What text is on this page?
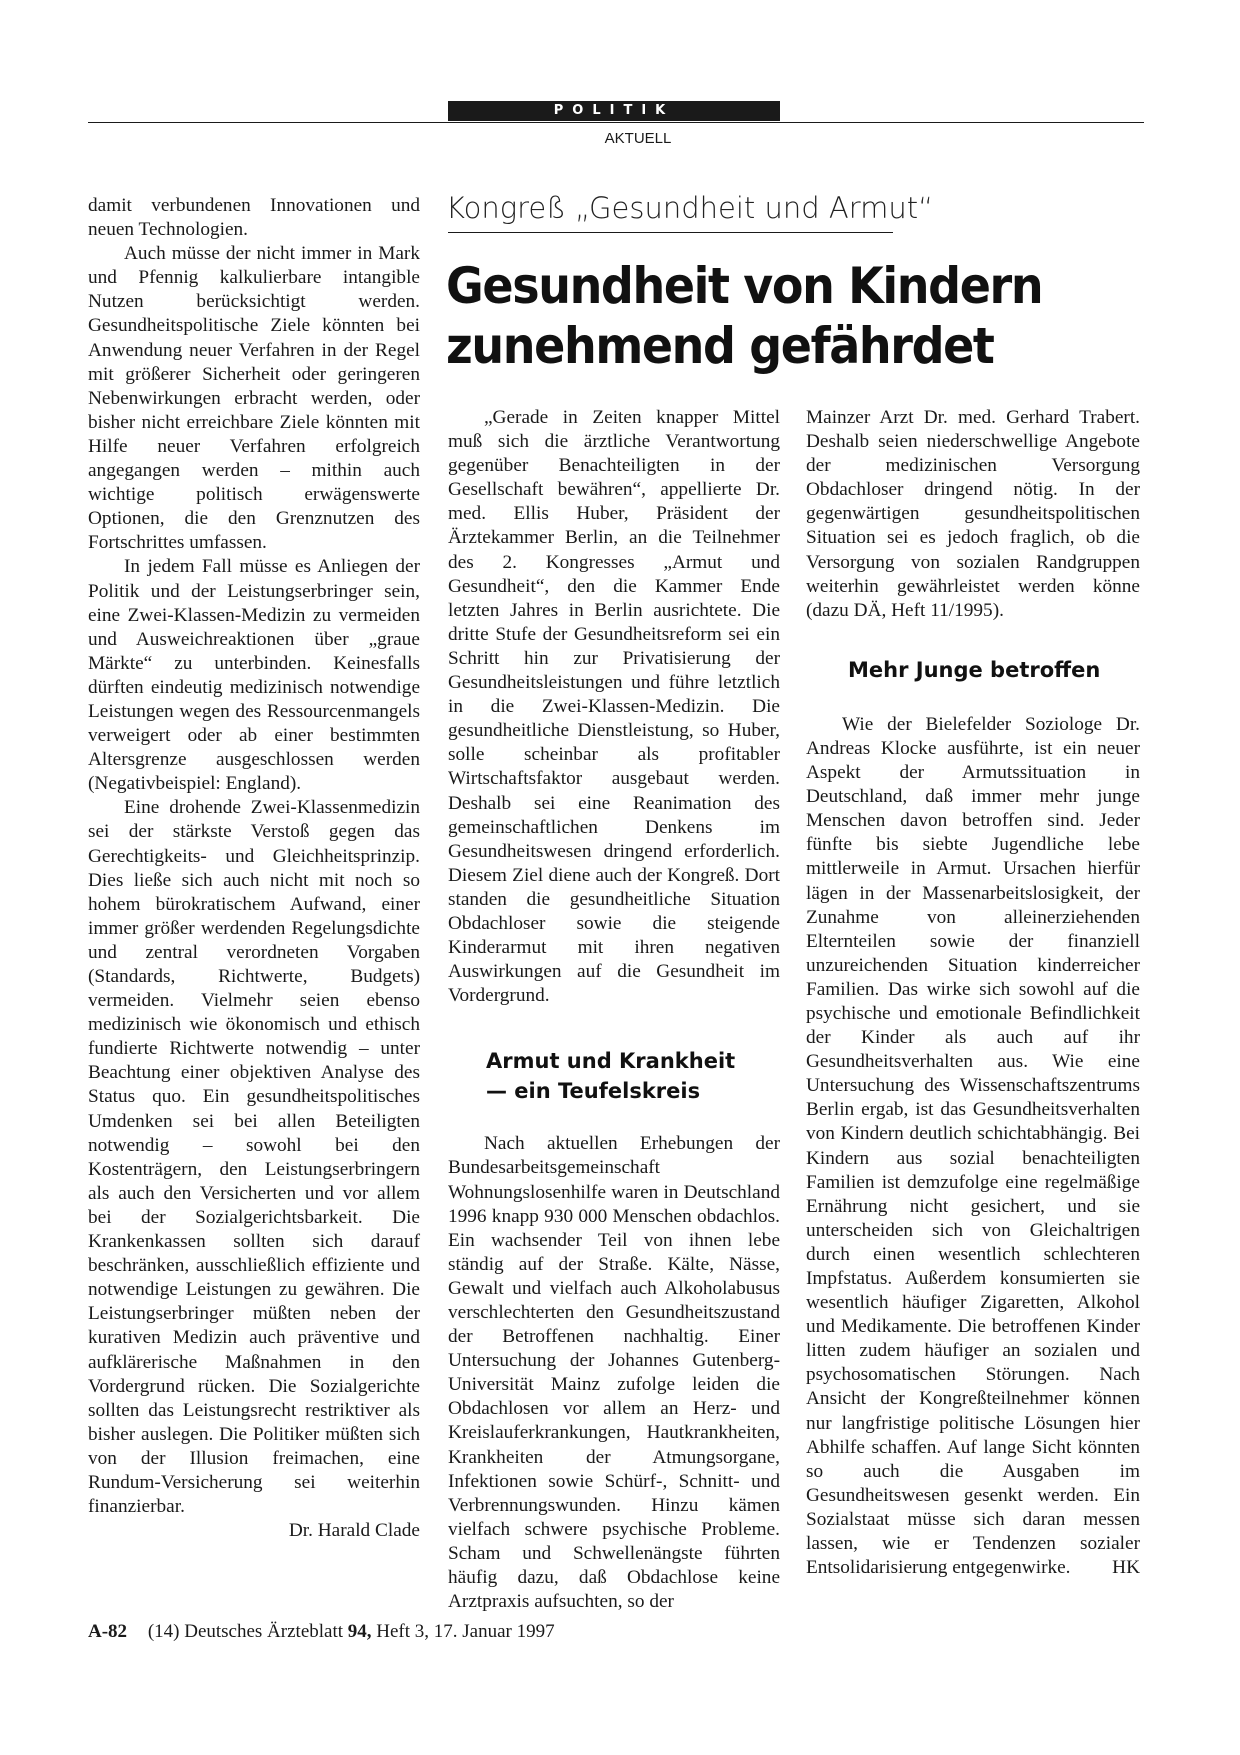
POLITIK
AKTUELL

damit verbundenen Innovationen und neuen Technologien.

Auch müsse der nicht immer in Mark und Pfennig kalkulierbare intangible Nutzen berücksichtigt werden. Gesundheitspolitische Ziele könnten bei Anwendung neuer Verfahren in der Regel mit größerer Sicherheit oder geringeren Nebenwirkungen erbracht werden, oder bisher nicht erreichbare Ziele könnten mit Hilfe neuer Verfahren erfolgreich angegangen werden – mithin auch wichtige politisch erwägenswerte Optionen, die den Grenznutzen des Fortschrittes umfassen.

In jedem Fall müsse es Anliegen der Politik und der Leistungserbringer sein, eine Zwei-Klassen-Medizin zu vermeiden und Ausweichreaktionen über „graue Märkte“ zu unterbinden. Keinesfalls dürften eindeutig medizinisch notwendige Leistungen wegen des Ressourcenmangels verweigert oder ab einer bestimmten Altersgrenze ausgeschlossen werden (Negativbeispiel: England).

Eine drohende Zwei-Klassenmedizin sei der stärkste Verstoß gegen das Gerechtigkeits- und Gleichheitsprinzip. Dies ließe sich auch nicht mit noch so hohem bürokratischem Aufwand, einer immer größer werdenden Regelungsdichte und zentral verordneten Vorgaben (Standards, Richtwerte, Budgets) vermeiden. Vielmehr seien ebenso medizinisch wie ökonomisch und ethisch fundierte Richtwerte notwendig – unter Beachtung einer objektiven Analyse des Status quo. Ein gesundheitspolitisches Umdenken sei bei allen Beteiligten notwendig – sowohl bei den Kostenträgern, den Leistungserbringern als auch den Versicherten und vor allem bei der Sozialgerichtsbarkeit. Die Krankenkassen sollten sich darauf beschränken, ausschließlich effiziente und notwendige Leistungen zu gewähren. Die Leistungserbringer müßten neben der kurativen Medizin auch präventive und aufklärerische Maßnahmen in den Vordergrund rücken. Die Sozialgerichte sollten das Leistungsrecht restriktiver als bisher auslegen. Die Politiker müßten sich von der Illusion freimachen, eine Rundum-Versicherung sei weiterhin finanzierbar.

Dr. Harald Clade
Kongreß „Gesundheit und Armut“
Gesundheit von Kindern
zunehmend gefährdet

„Gerade in Zeiten knapper Mittel muß sich die ärztliche Verantwortung gegenüber Benachteiligten in der Gesellschaft bewähren“, appellierte Dr. med. Ellis Huber, Präsident der Ärztekammer Berlin, an die Teilnehmer des 2. Kongresses „Armut und Gesundheit“, den die Kammer Ende letzten Jahres in Berlin ausrichtete. Die dritte Stufe der Gesundheitsreform sei ein Schritt hin zur Privatisierung der Gesundheitsleistungen und führe letztlich in die Zwei-Klassen-Medizin. Die gesundheitliche Dienstleistung, so Huber, solle scheinbar als profitabler Wirtschaftsfaktor ausgebaut werden. Deshalb sei eine Reanimation des gemeinschaftlichen Denkens im Gesundheitswesen dringend erforderlich. Diesem Ziel diene auch der Kongreß. Dort standen die gesundheitliche Situation Obdachloser sowie die steigende Kinderarmut mit ihren negativen Auswirkungen auf die Gesundheit im Vordergrund.

Armut und Krankheit
— ein Teufelskreis

Nach aktuellen Erhebungen der Bundesarbeitsgemeinschaft Wohnungslosenhilfe waren in Deutschland 1996 knapp 930 000 Menschen obdachlos. Ein wachsender Teil von ihnen lebe ständig auf der Straße. Kälte, Nässe, Gewalt und vielfach auch Alkoholabusus verschlechterten den Gesundheitszustand der Betroffenen nachhaltig. Einer Untersuchung der Johannes Gutenberg-Universität Mainz zufolge leiden die Obdachlosen vor allem an Herz- und Kreislauferkrankungen, Hautkrankheiten, Krankheiten der Atmungsorgane, Infektionen sowie Schürf-, Schnitt- und Verbrennungswunden. Hinzu kämen vielfach schwere psychische Probleme. Scham und Schwellenängste führten häufig dazu, daß Obdachlose keine Arztpraxis aufsuchten, so der

Mainzer Arzt Dr. med. Gerhard Trabert. Deshalb seien niederschwellige Angebote der medizinischen Versorgung Obdachloser dringend nötig. In der gegenwärtigen gesundheitspolitischen Situation sei es jedoch fraglich, ob die Versorgung von sozialen Randgruppen weiterhin gewährleistet werden könne (dazu DÄ, Heft 11/1995).

Mehr Junge betroffen

Wie der Bielefelder Soziologe Dr. Andreas Klocke ausführte, ist ein neuer Aspekt der Armutssituation in Deutschland, daß immer mehr junge Menschen davon betroffen sind. Jeder fünfte bis siebte Jugendliche lebe mittlerweile in Armut. Ursachen hierfür lägen in der Massenarbeitslosigkeit, der Zunahme von alleinerziehenden Elternteilen sowie der finanziell unzureichenden Situation kinderreicher Familien. Das wirke sich sowohl auf die psychische und emotionale Befindlichkeit der Kinder als auch auf ihr Gesundheitsverhalten aus. Wie eine Untersuchung des Wissenschaftszentrums Berlin ergab, ist das Gesundheitsverhalten von Kindern deutlich schichtabhängig. Bei Kindern aus sozial benachteiligten Familien ist demzufolge eine regelmäßige Ernährung nicht gesichert, und sie unterscheiden sich von Gleichaltrigen durch einen wesentlich schlechteren Impfstatus. Außerdem konsumierten sie wesentlich häufiger Zigaretten, Alkohol und Medikamente. Die betroffenen Kinder litten zudem häufiger an sozialen und psychosomatischen Störungen. Nach Ansicht der Kongreßteilnehmer können nur langfristige politische Lösungen hier Abhilfe schaffen. Auf lange Sicht könnten so auch die Ausgaben im Gesundheitswesen gesenkt werden. Ein Sozialstaat müsse sich daran messen lassen, wie er Tendenzen sozialer Entsolidarisierung entgegenwirke.	HK

A-82 (14) Deutsches Ärzteblatt 94, Heft 3, 17. Januar 1997
